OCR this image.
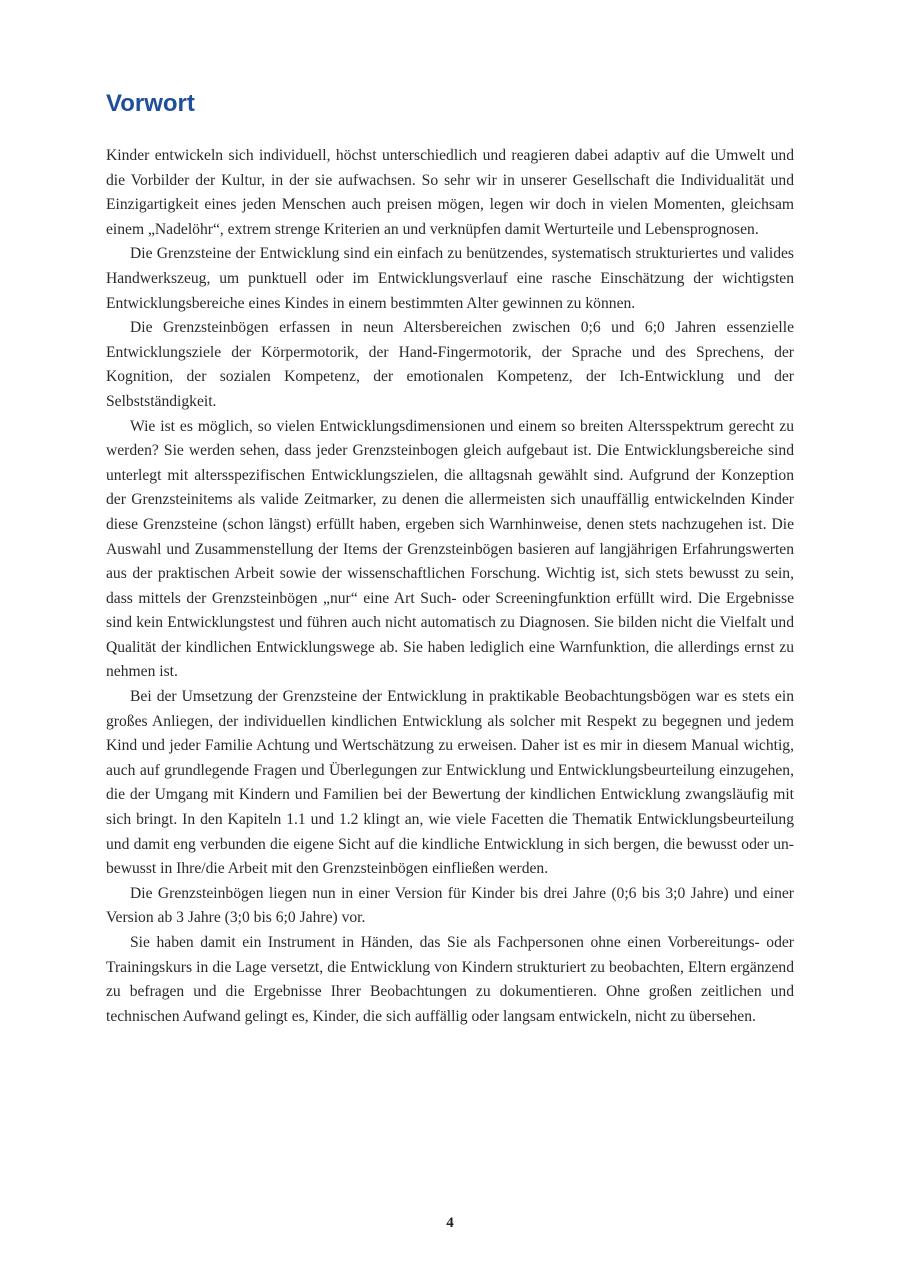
Vorwort

Kinder entwickeln sich individuell, höchst unterschiedlich und reagieren dabei adaptiv auf die Umwelt und die Vorbilder der Kultur, in der sie aufwachsen. So sehr wir in unserer Gesellschaft die Individualität und Einzigartigkeit eines jeden Menschen auch preisen mögen, legen wir doch in vielen Momenten, gleichsam einem „Nadelöhr“, extrem strenge Kriterien an und verknüpfen damit Werturteile und Lebensprognosen.

Die Grenzsteine der Entwicklung sind ein einfach zu benützendes, systematisch strukturiertes und valides Handwerkszeug, um punktuell oder im Entwicklungsverlauf eine rasche Einschätzung der wichtigsten Entwicklungsbereiche eines Kindes in einem bestimmten Alter gewinnen zu können.

Die Grenzsteinbögen erfassen in neun Altersbereichen zwischen 0;6 und 6;0 Jahren essenzielle Entwicklungsziele der Körpermotorik, der Hand-Fingermotorik, der Sprache und des Sprechens, der Kognition, der sozialen Kompetenz, der emotionalen Kompetenz, der Ich-Entwicklung und der Selbstständigkeit.

Wie ist es möglich, so vielen Entwicklungsdimensionen und einem so breiten Altersspektrum gerecht zu werden? Sie werden sehen, dass jeder Grenzsteinbogen gleich aufgebaut ist. Die Entwicklungsbereiche sind unterlegt mit altersspezifischen Entwicklungszielen, die alltagsnah gewählt sind. Aufgrund der Konzeption der Grenzsteinitems als valide Zeitmarker, zu denen die allermeisten sich unauffällig entwickelnden Kinder diese Grenzsteine (schon längst) erfüllt haben, ergeben sich Warnhinweise, denen stets nachzugehen ist. Die Auswahl und Zusammenstellung der Items der Grenzsteinbögen basieren auf langjährigen Erfahrungswerten aus der praktischen Arbeit sowie der wissenschaftlichen Forschung. Wichtig ist, sich stets bewusst zu sein, dass mittels der Grenzsteinbögen „nur“ eine Art Such- oder Screeningfunktion erfüllt wird. Die Ergebnisse sind kein Entwicklungstest und führen auch nicht automatisch zu Diagnosen. Sie bilden nicht die Vielfalt und Qualität der kindlichen Entwicklungswege ab. Sie haben lediglich eine Warnfunktion, die allerdings ernst zu nehmen ist.

Bei der Umsetzung der Grenzsteine der Entwicklung in praktikable Beobachtungsbögen war es stets ein großes Anliegen, der individuellen kindlichen Entwicklung als solcher mit Respekt zu begegnen und jedem Kind und jeder Familie Achtung und Wertschätzung zu erweisen. Daher ist es mir in diesem Manual wichtig, auch auf grundlegende Fragen und Überlegungen zur Entwicklung und Entwicklungsbeurteilung einzugehen, die der Umgang mit Kindern und Familien bei der Bewertung der kindlichen Entwicklung zwangsläufig mit sich bringt. In den Kapiteln 1.1 und 1.2 klingt an, wie viele Facetten die Thematik Entwicklungsbeurteilung und damit eng verbunden die eigene Sicht auf die kindliche Entwicklung in sich bergen, die bewusst oder unbewusst in Ihre/die Arbeit mit den Grenzsteinbögen einfließen werden.

Die Grenzsteinbögen liegen nun in einer Version für Kinder bis drei Jahre (0;6 bis 3;0 Jahre) und einer Version ab 3 Jahre (3;0 bis 6;0 Jahre) vor.

Sie haben damit ein Instrument in Händen, das Sie als Fachpersonen ohne einen Vorbereitungs- oder Trainingskurs in die Lage versetzt, die Entwicklung von Kindern strukturiert zu beobachten, Eltern ergänzend zu befragen und die Ergebnisse Ihrer Beobachtungen zu dokumentieren. Ohne großen zeitlichen und technischen Aufwand gelingt es, Kinder, die sich auffällig oder langsam entwickeln, nicht zu übersehen.

4
